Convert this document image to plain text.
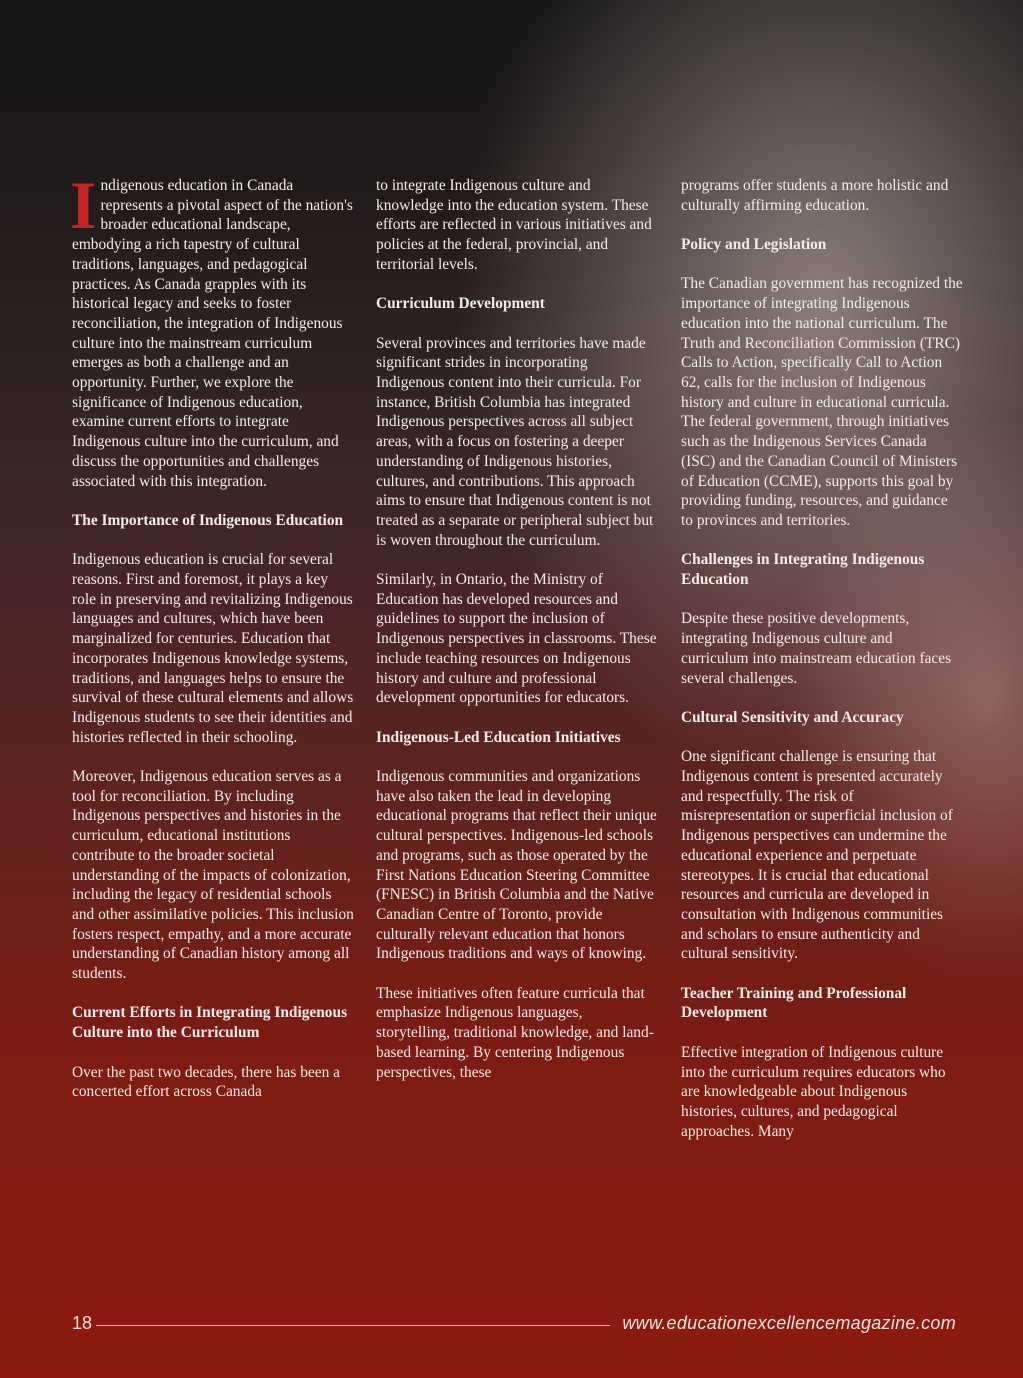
Indigenous education in Canada represents a pivotal aspect of the nation's broader educational landscape, embodying a rich tapestry of cultural traditions, languages, and pedagogical practices. As Canada grapples with its historical legacy and seeks to foster reconciliation, the integration of Indigenous culture into the mainstream curriculum emerges as both a challenge and an opportunity. Further, we explore the significance of Indigenous education, examine current efforts to integrate Indigenous culture into the curriculum, and discuss the opportunities and challenges associated with this integration.

The Importance of Indigenous Education

Indigenous education is crucial for several reasons. First and foremost, it plays a key role in preserving and revitalizing Indigenous languages and cultures, which have been marginalized for centuries. Education that incorporates Indigenous knowledge systems, traditions, and languages helps to ensure the survival of these cultural elements and allows Indigenous students to see their identities and histories reflected in their schooling.

Moreover, Indigenous education serves as a tool for reconciliation. By including Indigenous perspectives and histories in the curriculum, educational institutions contribute to the broader societal understanding of the impacts of colonization, including the legacy of residential schools and other assimilative policies. This inclusion fosters respect, empathy, and a more accurate understanding of Canadian history among all students.

Current Efforts in Integrating Indigenous Culture into the Curriculum

Over the past two decades, there has been a concerted effort across Canada

to integrate Indigenous culture and knowledge into the education system. These efforts are reflected in various initiatives and policies at the federal, provincial, and territorial levels.

Curriculum Development

Several provinces and territories have made significant strides in incorporating Indigenous content into their curricula. For instance, British Columbia has integrated Indigenous perspectives across all subject areas, with a focus on fostering a deeper understanding of Indigenous histories, cultures, and contributions. This approach aims to ensure that Indigenous content is not treated as a separate or peripheral subject but is woven throughout the curriculum.

Similarly, in Ontario, the Ministry of Education has developed resources and guidelines to support the inclusion of Indigenous perspectives in classrooms. These include teaching resources on Indigenous history and culture and professional development opportunities for educators.

Indigenous-Led Education Initiatives

Indigenous communities and organizations have also taken the lead in developing educational programs that reflect their unique cultural perspectives. Indigenous-led schools and programs, such as those operated by the First Nations Education Steering Committee (FNESC) in British Columbia and the Native Canadian Centre of Toronto, provide culturally relevant education that honors Indigenous traditions and ways of knowing.

These initiatives often feature curricula that emphasize Indigenous languages, storytelling, traditional knowledge, and land-based learning. By centering Indigenous perspectives, these

programs offer students a more holistic and culturally affirming education.

Policy and Legislation

The Canadian government has recognized the importance of integrating Indigenous education into the national curriculum. The Truth and Reconciliation Commission (TRC) Calls to Action, specifically Call to Action 62, calls for the inclusion of Indigenous history and culture in educational curricula. The federal government, through initiatives such as the Indigenous Services Canada (ISC) and the Canadian Council of Ministers of Education (CCME), supports this goal by providing funding, resources, and guidance to provinces and territories.

Challenges in Integrating Indigenous Education

Despite these positive developments, integrating Indigenous culture and curriculum into mainstream education faces several challenges.

Cultural Sensitivity and Accuracy

One significant challenge is ensuring that Indigenous content is presented accurately and respectfully. The risk of misrepresentation or superficial inclusion of Indigenous perspectives can undermine the educational experience and perpetuate stereotypes. It is crucial that educational resources and curricula are developed in consultation with Indigenous communities and scholars to ensure authenticity and cultural sensitivity.

Teacher Training and Professional Development

Effective integration of Indigenous culture into the curriculum requires educators who are knowledgeable about Indigenous histories, cultures, and pedagogical approaches. Many

18	www.educationexcellencemagazine.com
